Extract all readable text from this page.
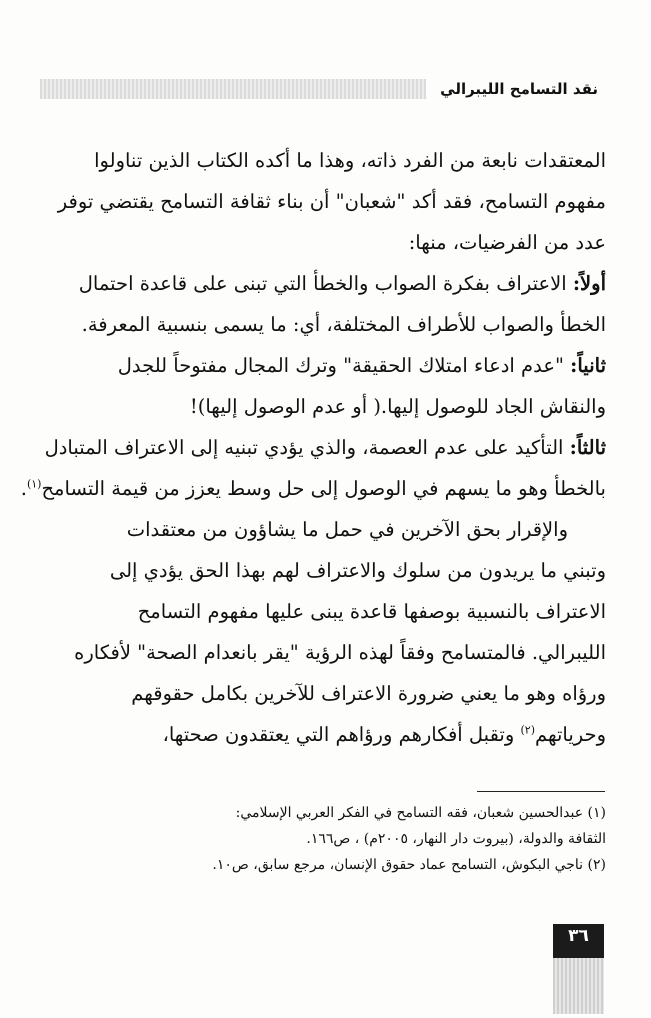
نقد التسامح الليبرالي
المعتقدات نابعة من الفرد ذاته، وهذا ما أكده الكتاب الذين تناولوا
مفهوم التسامح، فقد أكد "شعبان" أن بناء ثقافة التسامح يقتضي توفر
عدد من الفرضيات، منها:
أولاً: الاعتراف بفكرة الصواب والخطأ التي تبنى على قاعدة احتمال
الخطأ والصواب للأطراف المختلفة، أي: ما يسمى بنسبية المعرفة.
ثانياً: "عدم ادعاء امتلاك الحقيقة" وترك المجال مفتوحاً للجدل
والنقاش الجاد للوصول إليها.( أو عدم الوصول إليها)!
ثالثاً: التأكيد على عدم العصمة، والذي يؤدي تبنيه إلى الاعتراف المتبادل
بالخطأ وهو ما يسهم في الوصول إلى حل وسط يعزز من قيمة التسامح$^{(١)}$.
والإقرار بحق الآخرين في حمل ما يشاؤون من معتقدات
وتبني ما يريدون من سلوك والاعتراف لهم بهذا الحق يؤدي إلى
الاعتراف بالنسبية بوصفها قاعدة يبنى عليها مفهوم التسامح
الليبرالي. فالمتسامح وفقاً لهذه الرؤية "يقر بانعدام الصحة" لأفكاره
ورؤاه وهو ما يعني ضرورة الاعتراف للآخرين بكامل حقوقهم
وحرياتهم$^{(٢)}$ وتقبل أفكارهم ورؤاهم التي يعتقدون صحتها،
(١) عبدالحسين شعبان، فقه التسامح في الفكر العربي الإسلامي:
الثقافة والدولة، (بيروت دار النهار، ٢٠٠٥م) ، ص١٦٦.
(٢) ناجي البكوش، التسامح عماد حقوق الإنسان، مرجع سابق، ص١٠.
٣٦
